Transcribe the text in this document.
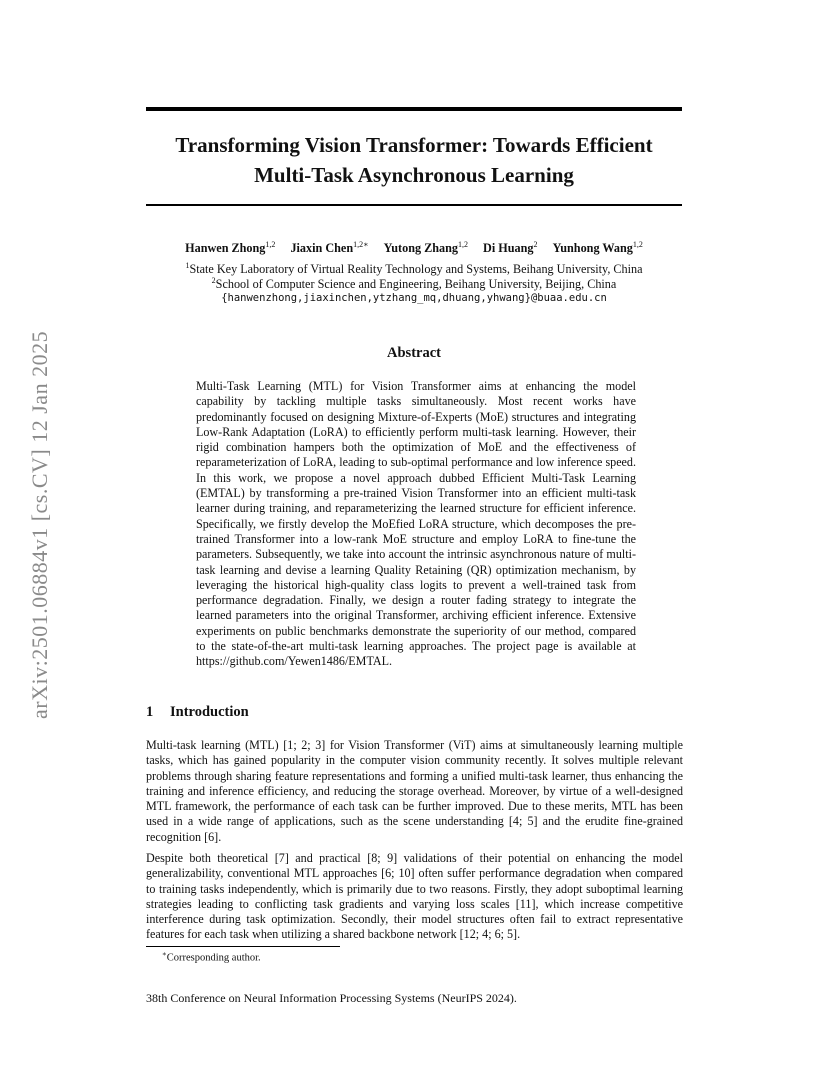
arXiv:2501.06884v1 [cs.CV] 12 Jan 2025
Transforming Vision Transformer: Towards Efficient
Multi-Task Asynchronous Learning
Hanwen Zhong$^{1,2}$ Jiaxin Chen$^{1,2∗}$ Yutong Zhang$^{1,2}$ Di Huang$^2$ Yunhong Wang$^{1,2}$
$^1$State Key Laboratory of Virtual Reality Technology and Systems, Beihang University, China
$^2$School of Computer Science and Engineering, Beihang University, Beijing, China
{hanwenzhong,jiaxinchen,ytzhang_mq,dhuang,yhwang}@buaa.edu.cn
Abstract

Multi-Task Learning (MTL) for Vision Transformer aims at enhancing the model capability by tackling multiple tasks simultaneously. Most recent works have predominantly focused on designing Mixture-of-Experts (MoE) structures and integrating Low-Rank Adaptation (LoRA) to efficiently perform multi-task learning. However, their rigid combination hampers both the optimization of MoE and the effectiveness of reparameterization of LoRA, leading to sub-optimal performance and low inference speed. In this work, we propose a novel approach dubbed Efficient Multi-Task Learning (EMTAL) by transforming a pre-trained Vision Transformer into an efficient multi-task learner during training, and reparameterizing the learned structure for efficient inference. Specifically, we firstly develop the MoEfied LoRA structure, which decomposes the pre-trained Transformer into a low-rank MoE structure and employ LoRA to fine-tune the parameters. Subsequently, we take into account the intrinsic asynchronous nature of multi-task learning and devise a learning Quality Retaining (QR) optimization mechanism, by leveraging the historical high-quality class logits to prevent a well-trained task from performance degradation. Finally, we design a router fading strategy to integrate the learned parameters into the original Transformer, archiving efficient inference. Extensive experiments on public benchmarks demonstrate the superiority of our method, compared to the state-of-the-art multi-task learning approaches. The project page is available at https://github.com/Yewen1486/EMTAL.

1 Introduction

Multi-task learning (MTL) [1; 2; 3] for Vision Transformer (ViT) aims at simultaneously learning multiple tasks, which has gained popularity in the computer vision community recently. It solves multiple relevant problems through sharing feature representations and forming a unified multi-task learner, thus enhancing the training and inference efficiency, and reducing the storage overhead. Moreover, by virtue of a well-designed MTL framework, the performance of each task can be further improved. Due to these merits, MTL has been used in a wide range of applications, such as the scene understanding [4; 5] and the erudite fine-grained recognition [6].

Despite both theoretical [7] and practical [8; 9] validations of their potential on enhancing the model generalizability, conventional MTL approaches [6; 10] often suffer performance degradation when compared to training tasks independently, which is primarily due to two reasons. Firstly, they adopt suboptimal learning strategies leading to conflicting task gradients and varying loss scales [11], which increase competitive interference during task optimization. Secondly, their model structures often fail to extract representative features for each task when utilizing a shared backbone network [12; 4; 6; 5].

∗Corresponding author.
38th Conference on Neural Information Processing Systems (NeurIPS 2024).
